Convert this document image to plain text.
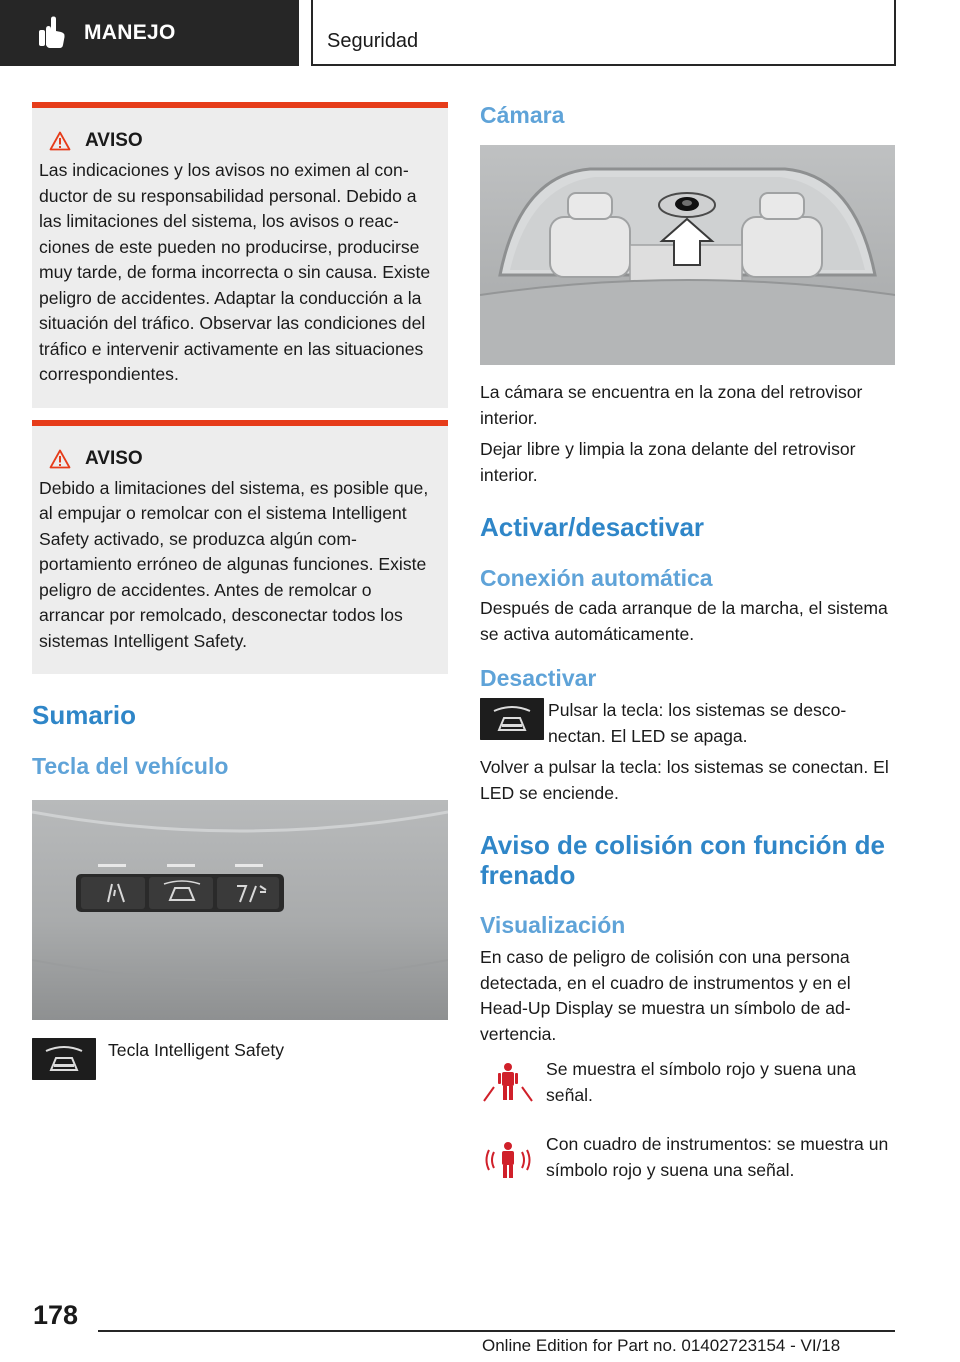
MANEJO	Seguridad
AVISO
Las indicaciones y los avisos no eximen al conductor de su responsabilidad personal. Debido a las limitaciones del sistema, los avisos o reacciones de este pueden no producirse, producirse muy tarde, de forma incorrecta o sin causa. Existe peligro de accidentes. Adaptar la conducción a la situación del tráfico. Observar las condiciones del tráfico e intervenir activamente en las situaciones correspondientes.
AVISO
Debido a limitaciones del sistema, es posible que, al empujar o remolcar con el sistema Intelligent Safety activado, se produzca algún comportamiento erróneo de algunas funciones. Existe peligro de accidentes. Antes de remolcar o arrancar por remolcado, desconectar todos los sistemas Intelligent Safety.
Sumario
Tecla del vehículo
Tecla Intelligent Safety
Cámara

La cámara se encuentra en la zona del retrovisor interior.

Dejar libre y limpia la zona delante del retrovisor interior.

Activar/desactivar
Conexión automática

Después de cada arranque de la marcha, el sistema se activa automáticamente.

Desactivar

Pulsar la tecla: los sistemas se desconectan. El LED se apaga.

Volver a pulsar la tecla: los sistemas se conectan. El LED se enciende.

Aviso de colisión con función de frenado
Visualización

En caso de peligro de colisión con una persona detectada, en el cuadro de instrumentos y en el Head-Up Display se muestra un símbolo de advertencia.

Se muestra el símbolo rojo y suena una señal.

Con cuadro de instrumentos: se muestra un símbolo rojo y suena una señal.

178
Online Edition for Part no. 01402723154 - VI/18
